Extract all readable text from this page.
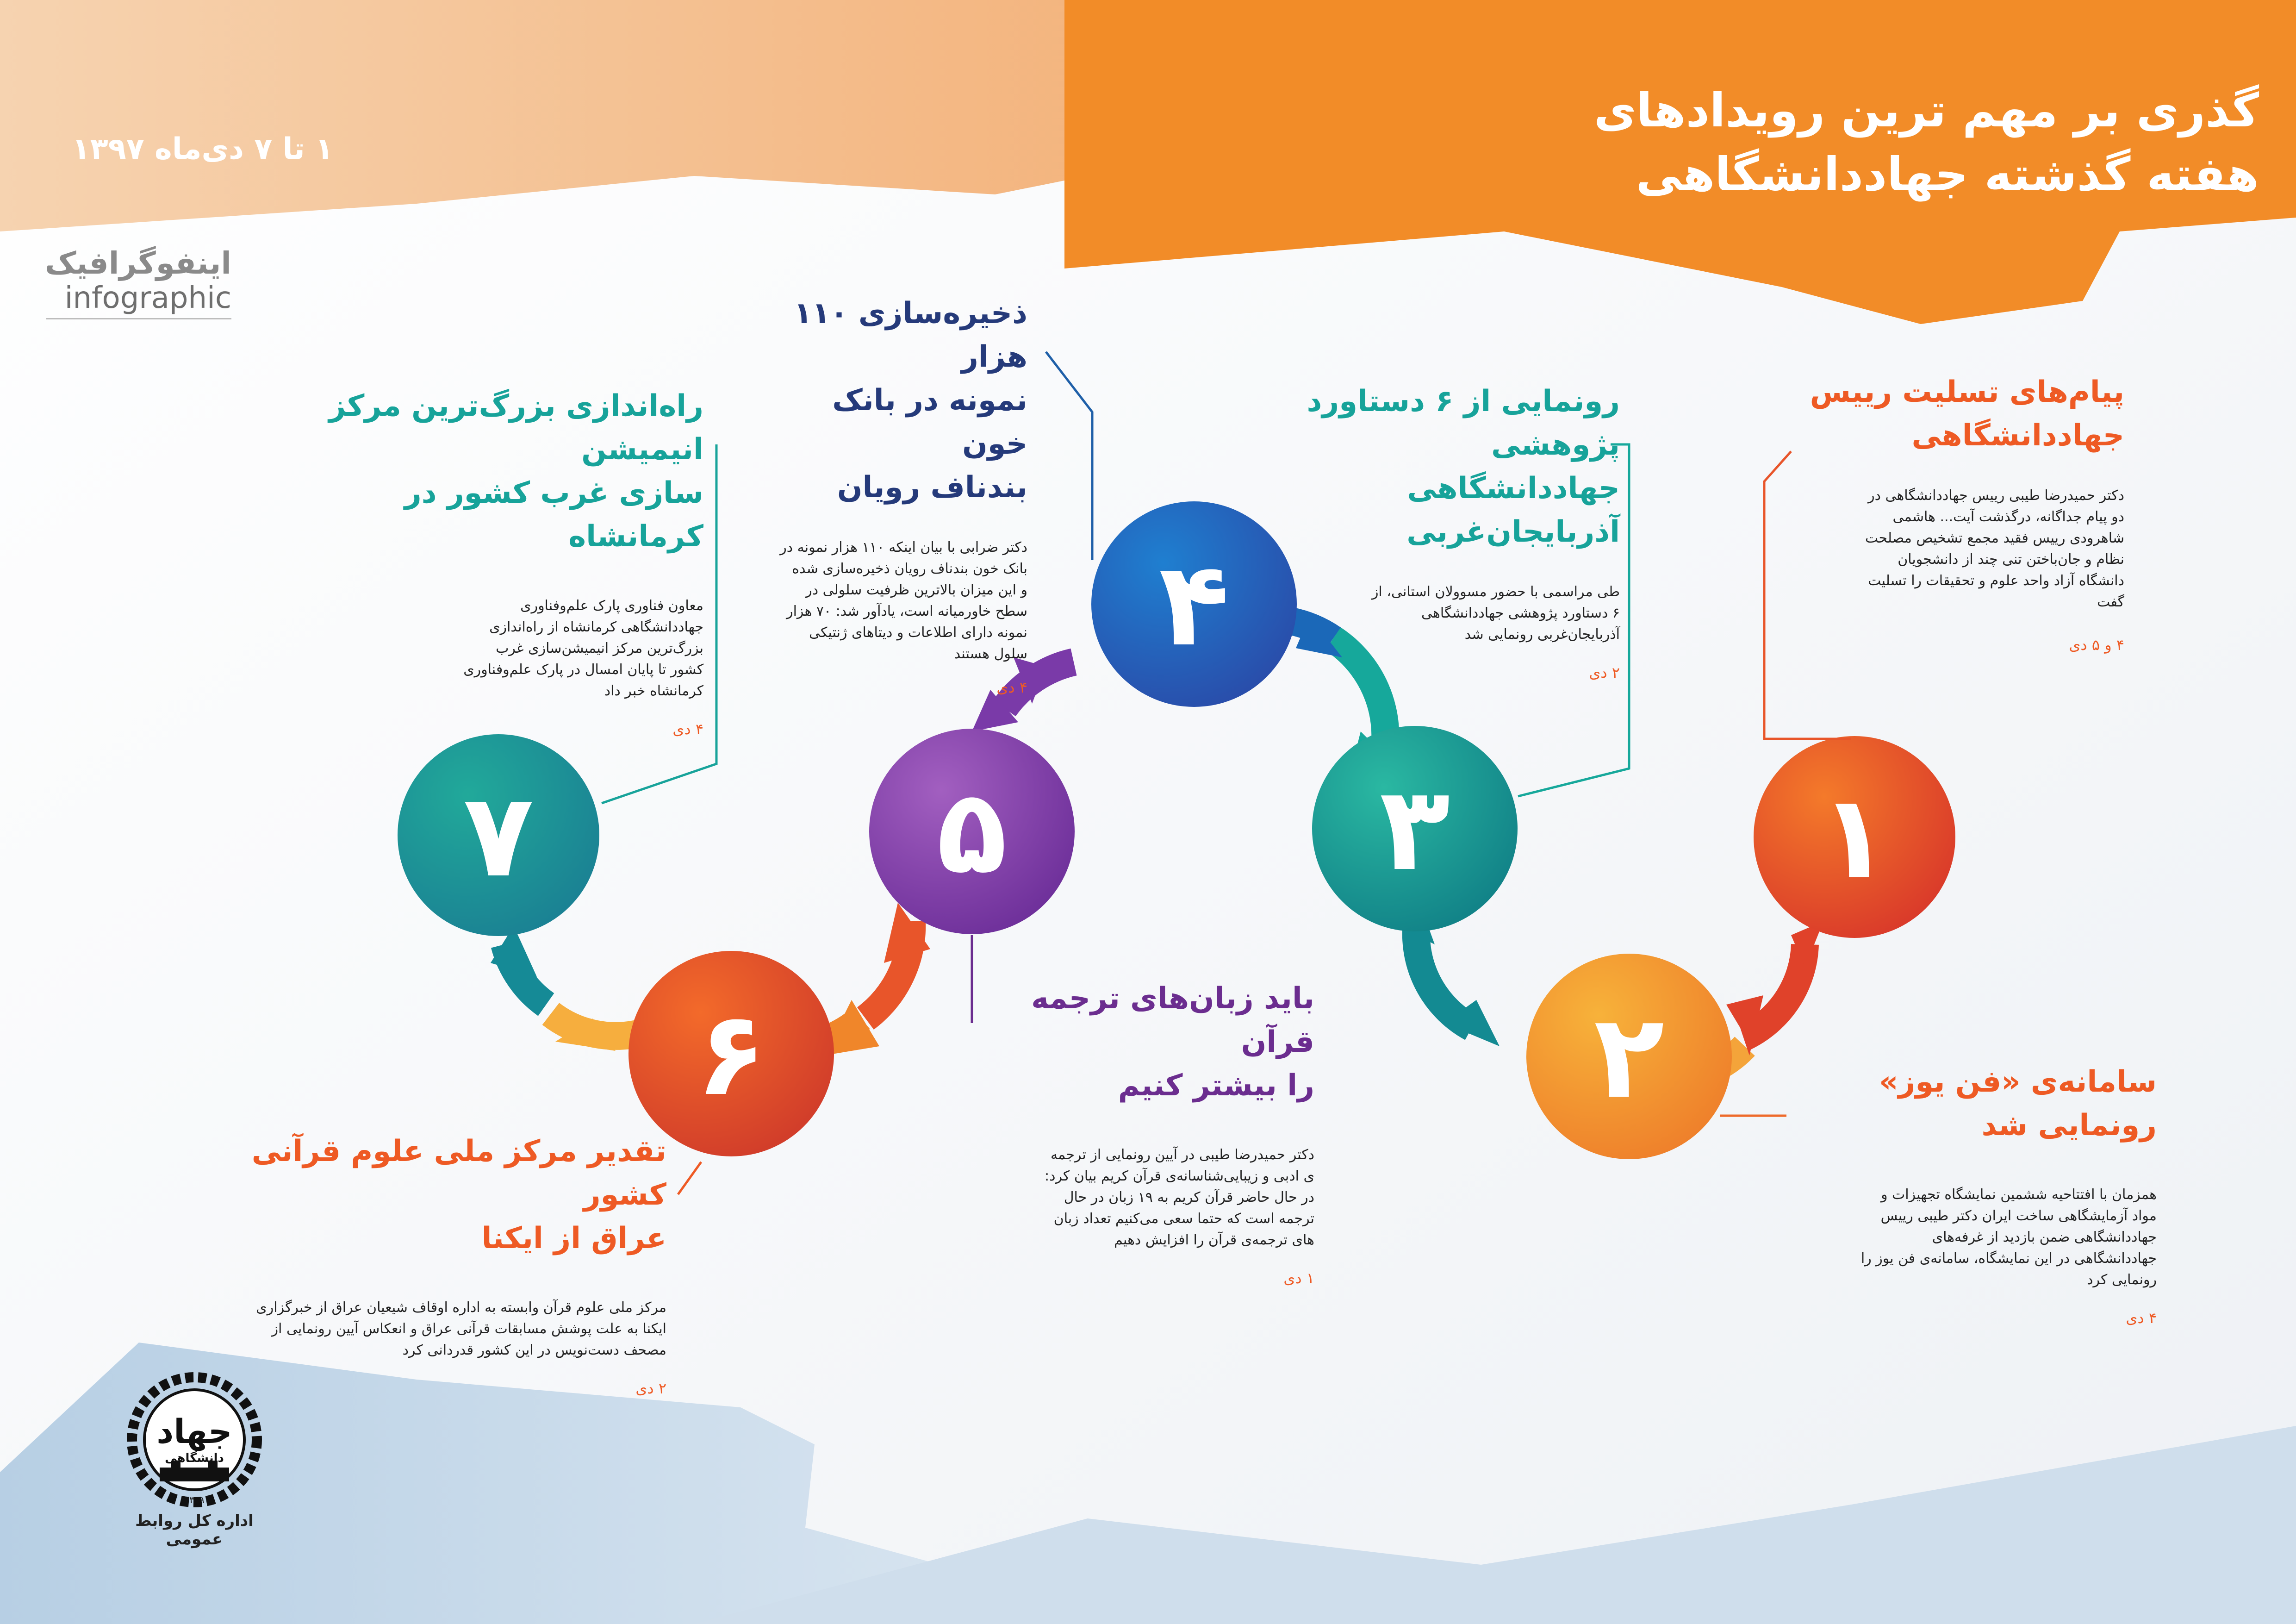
۱
۲
۳
۴
۵
۶
۷
گذری بر مهم ترین رویدادهای
هفته گذشته جهاددانشگاهی
۱ تا ۷ دی‌ماه ۱۳۹۷
اینفوگرافیک
infographic
پیام‌های تسلیت رییس
جهاددانشگاهی
دکتر حمیدرضا طیبی رییس جهاددانشگاهی در
دو پیام جداگانه، درگذشت آیت‌... هاشمی
شاهرودی رییس فقید مجمع تشخیص مصلحت
نظام و جان‌باختن تنی چند از دانشجویان
دانشگاه آزاد واحد علوم و تحقیقات را تسلیت
گفت
۴ و ۵ دی
سامانه‌ی «فن یوز»
رونمایی شد
همزمان با افتتاحیه ششمین نمایشگاه تجهیزات و
مواد آزمایشگاهی ساخت ایران دکتر طیبی رییس
جهاددانشگاهی ضمن بازدید از غرفه‌های
جهاددانشگاهی در این نمایشگاه، سامانه‌ی فن یوز را
رونمایی کرد
۴ دی
رونمایی از ۶ دستاورد پژوهشی
جهاددانشگاهی آذربایجان‌غربی
طی مراسمی با حضور مسوولان استانی، از
۶ دستاورد پژوهشی جهاددانشگاهی
آذربایجان‌غربی رونمایی شد
۲ دی
ذخیره‌سازی ۱۱۰ هزار
نمونه در بانک خون
بندناف رویان
دکتر ضرابی با بیان اینکه ۱۱۰ هزار نمونه در
بانک خون بندناف رویان ذخیره‌سازی شده
و این میزان بالاترین ظرفیت سلولی در
سطح خاورمیانه است، یادآور شد: ۷۰ هزار
نمونه دارای اطلاعات و دیتاهای ژنتیکی
سلول هستند
۴ دی
باید زبان‌های ترجمه قرآن
را بیشتر کنیم
دکتر حمیدرضا طیبی در آیین رونمایی از ترجمه
ی ادبی و زیبایی‌شناسانه‌ی قرآن کریم بیان کرد:
در حال حاضر قرآن کریم به ۱۹ زبان در حال
ترجمه است که حتما سعی می‌کنیم تعداد زبان
های ترجمه‌ی قرآن را افزایش دهیم
۱ دی
تقدیر مرکز ملی علوم قرآنی کشور
عراق از ایکنا
مرکز ملی علوم قرآن وابسته به اداره اوقاف شیعیان عراق از خبرگزاری
ایکنا به علت پوشش مسابقات قرآنی عراق و انعکاس آیین رونمایی از
مصحف دست‌نویس در این کشور قدردانی کرد
۲ دی
راه‌اندازی بزرگ‌ترین مرکز انیمیشن
سازی غرب کشور در کرمانشاه
معاون فناوری پارک علم‌وفناوری
جهاددانشگاهی کرمانشاه از راه‌اندازی
بزرگ‌ترین مرکز انیمیشن‌سازی غرب
کشور تا پایان امسال در پارک علم‌وفناوری
کرمانشاه خبر داد
۴ دی
جهاد
دانشگاهی
۱۳۵۹
اداره کل روابط عمومی
